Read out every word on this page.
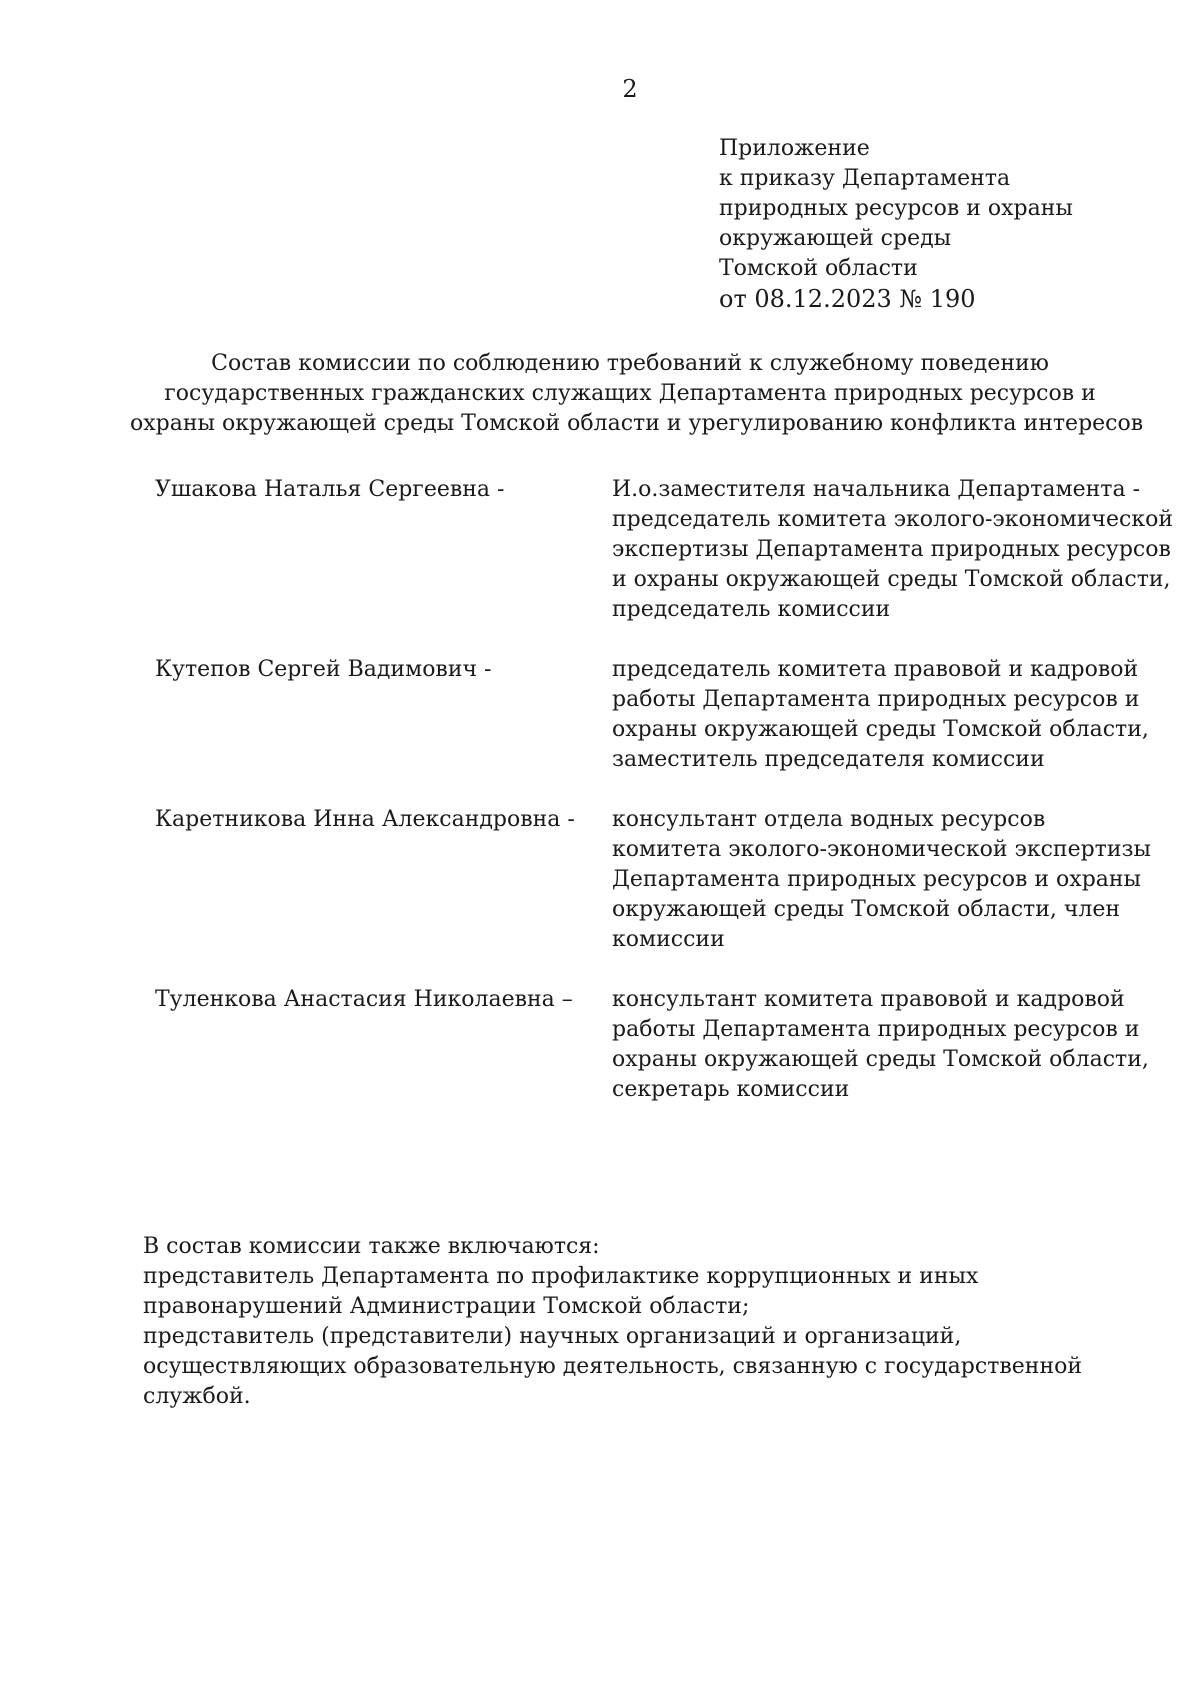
2
Приложение
к приказу Департамента
природных ресурсов и охраны
окружающей среды
Томской области
от 08.12.2023 № 190
Состав комиссии по соблюдению требований к служебному поведению
государственных гражданских служащих Департамента природных ресурсов и
охраны окружающей среды Томской области и урегулированию конфликта интересов
Ушакова Наталья Сергеевна -	И.о.заместителя начальника Департамента -
председатель комитета эколого-экономической
экспертизы Департамента природных ресурсов
и охраны окружающей среды Томской области,
председатель комиссии
Кутепов Сергей Вадимович -	председатель комитета правовой и кадровой
работы Департамента природных ресурсов и
охраны окружающей среды Томской области,
заместитель председателя комиссии
Каретникова Инна Александровна -	консультант отдела водных ресурсов
комитета эколого-экономической экспертизы
Департамента природных ресурсов и охраны
окружающей среды Томской области, член
комиссии
Туленкова Анастасия Николаевна –	консультант комитета правовой и кадровой
работы Департамента природных ресурсов и
охраны окружающей среды Томской области,
секретарь комиссии
В состав комиссии также включаются:
представитель Департамента по профилактике коррупционных и иных
правонарушений Администрации Томской области;
представитель (представители) научных организаций и организаций,
осуществляющих образовательную деятельность, связанную с государственной
службой.
